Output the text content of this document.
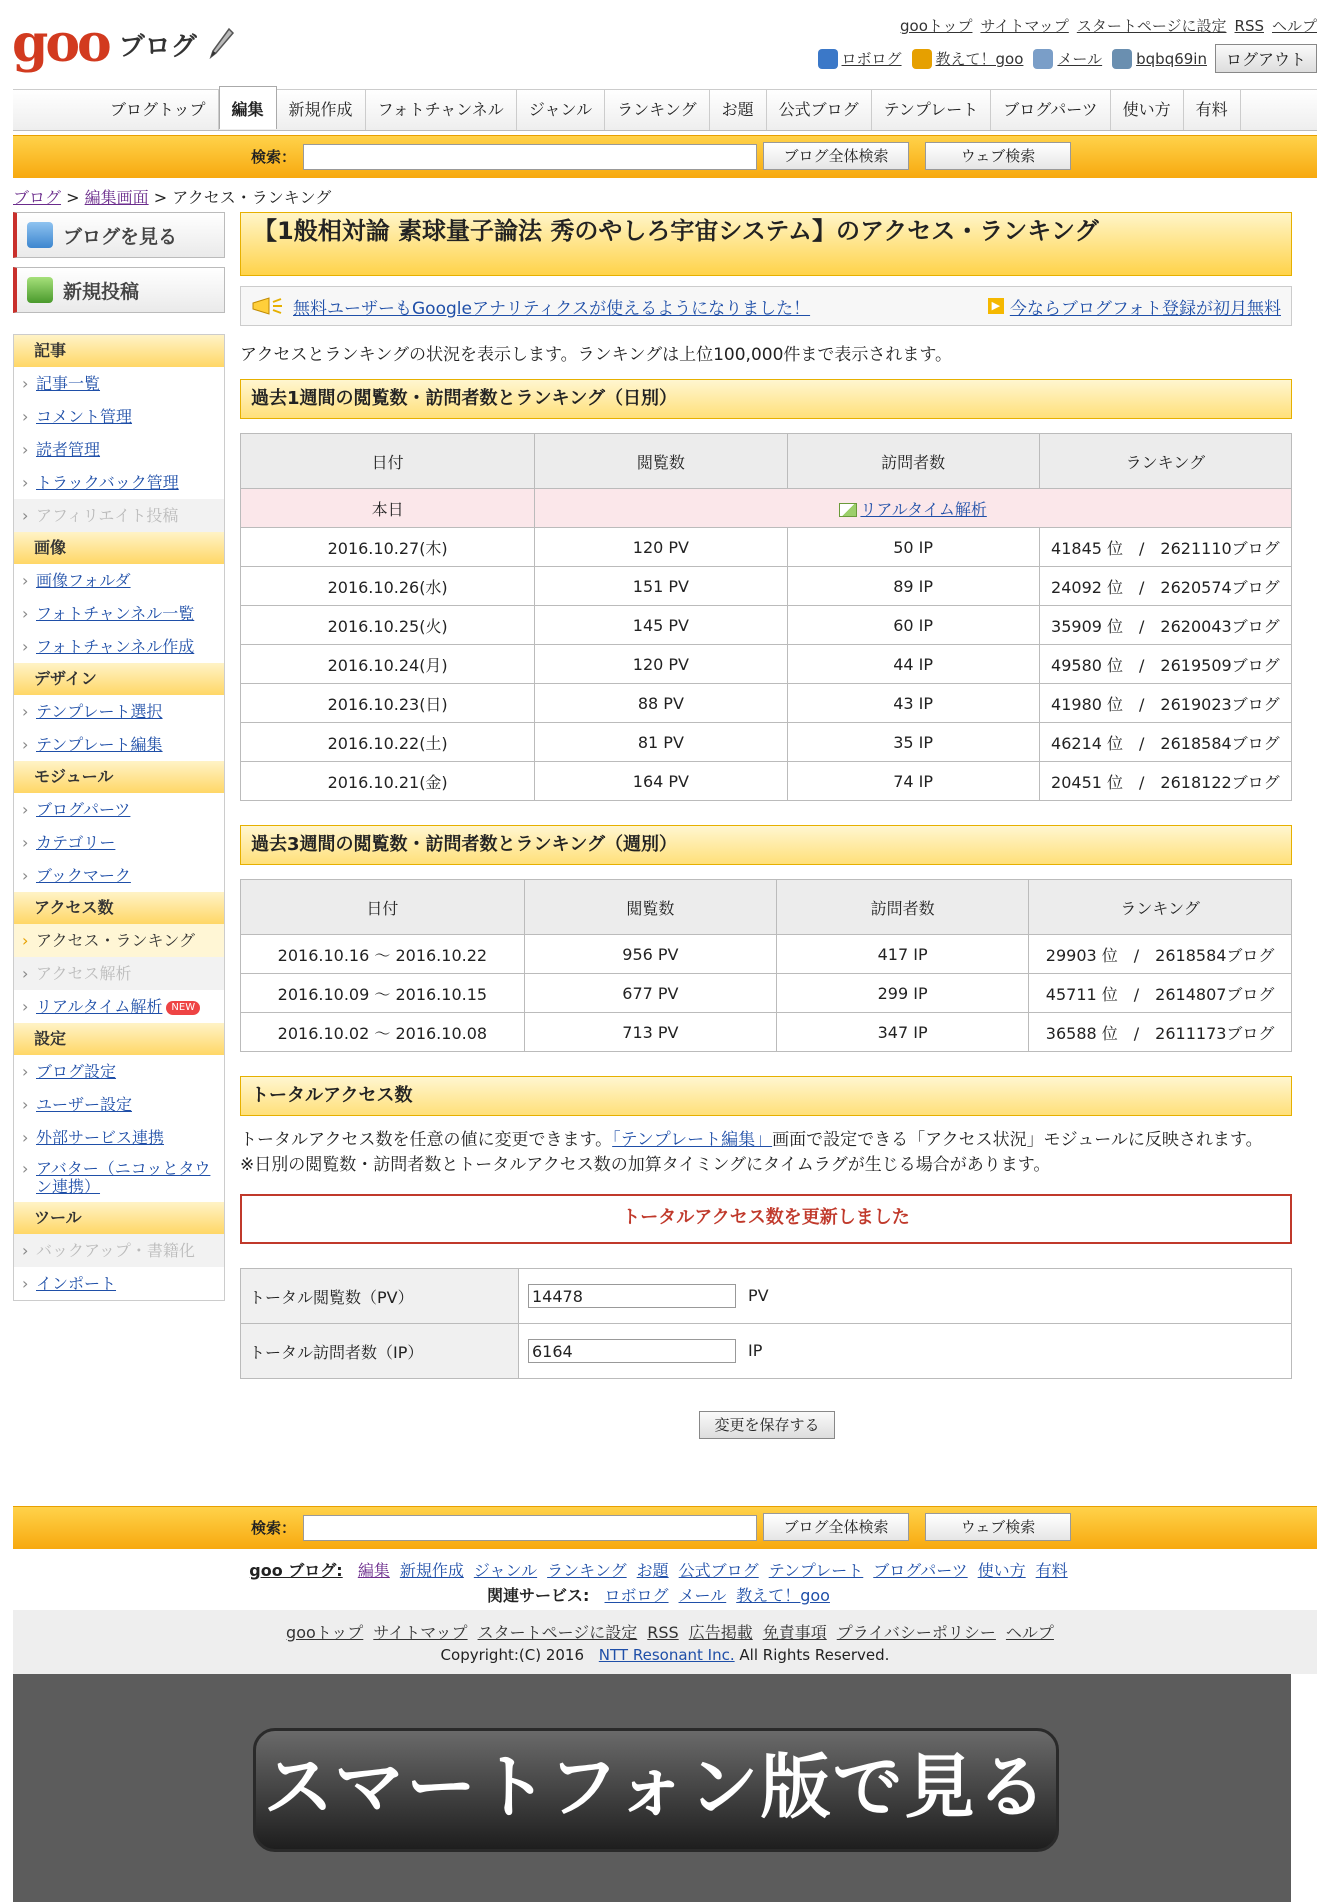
goo ブログ
gooトップ サイトマップ スタートページに設定 RSS ヘルプ
ロボログ 教えて！goo メール bqbq69in	ログアウト
ブログトップ	編集	新規作成	フォトチャンネル	ジャンル	ランキング	お題	公式ブログ	テンプレート	ブログパーツ	使い方	有料
検索：	ブログ全体検索	ウェブ検索
ブログ > 編集画面 > アクセス・ランキング
ブログを見る
新規投稿
記事
› 記事一覧
› コメント管理
› 読者管理
› トラックバック管理
› アフィリエイト投稿
画像
› 画像フォルダ
› フォトチャンネル一覧
› フォトチャンネル作成
デザイン
› テンプレート選択
› テンプレート編集
モジュール
› ブログパーツ
› カテゴリー
› ブックマーク
アクセス数
› アクセス・ランキング
› アクセス解析
› リアルタイム解析 NEW
設定
› ブログ設定
› ユーザー設定
› 外部サービス連携
› アバター（ニコッとタウン連携）
ツール
› バックアップ・書籍化
› インポート
【1般相対論 素球量子論法 秀のやしろ宇宙システム】のアクセス・ランキング
無料ユーザーもGoogleアナリティクスが使えるようになりました！	▶ 今ならブログフォト登録が初月無料
アクセスとランキングの状況を表示します。ランキングは上位100,000件まで表示されます。
過去1週間の閲覧数・訪問者数とランキング（日別）
日付	閲覧数	訪問者数	ランキング
本日	リアルタイム解析		
2016.10.27(木)	120 PV	50 IP	41845 位　/　2621110ブログ
2016.10.26(水)	151 PV	89 IP	24092 位　/　2620574ブログ
2016.10.25(火)	145 PV	60 IP	35909 位　/　2620043ブログ
2016.10.24(月)	120 PV	44 IP	49580 位　/　2619509ブログ
2016.10.23(日)	88 PV	43 IP	41980 位　/　2619023ブログ
2016.10.22(土)	81 PV	35 IP	46214 位　/　2618584ブログ
2016.10.21(金)	164 PV	74 IP	20451 位　/　2618122ブログ
過去3週間の閲覧数・訪問者数とランキング（週別）
日付	閲覧数	訪問者数	ランキング
2016.10.16 〜 2016.10.22	956 PV	417 IP	29903 位　/　2618584ブログ
2016.10.09 〜 2016.10.15	677 PV	299 IP	45711 位　/　2614807ブログ
2016.10.02 〜 2016.10.08	713 PV	347 IP	36588 位　/　2611173ブログ
トータルアクセス数
トータルアクセス数を任意の値に変更できます。「テンプレート編集」画面で設定できる「アクセス状況」モジュールに反映されます。
※日別の閲覧数・訪問者数とトータルアクセス数の加算タイミングにタイムラグが生じる場合があります。
トータルアクセス数を更新しました
トータル閲覧数（PV）	14478 PV
トータル訪問者数（IP）	6164 IP
変更を保存する
検索：	ブログ全体検索	ウェブ検索
goo ブログ: 編集 新規作成 ジャンル ランキング お題 公式ブログ テンプレート ブログパーツ 使い方 有料
関連サービス: ロボログ メール 教えて！goo
gooトップ サイトマップ スタートページに設定 RSS 広告掲載 免責事項 プライバシーポリシー ヘルプ
Copyright:(C) 2016 NTT Resonant Inc. All Rights Reserved.
スマートフォン版で見る
